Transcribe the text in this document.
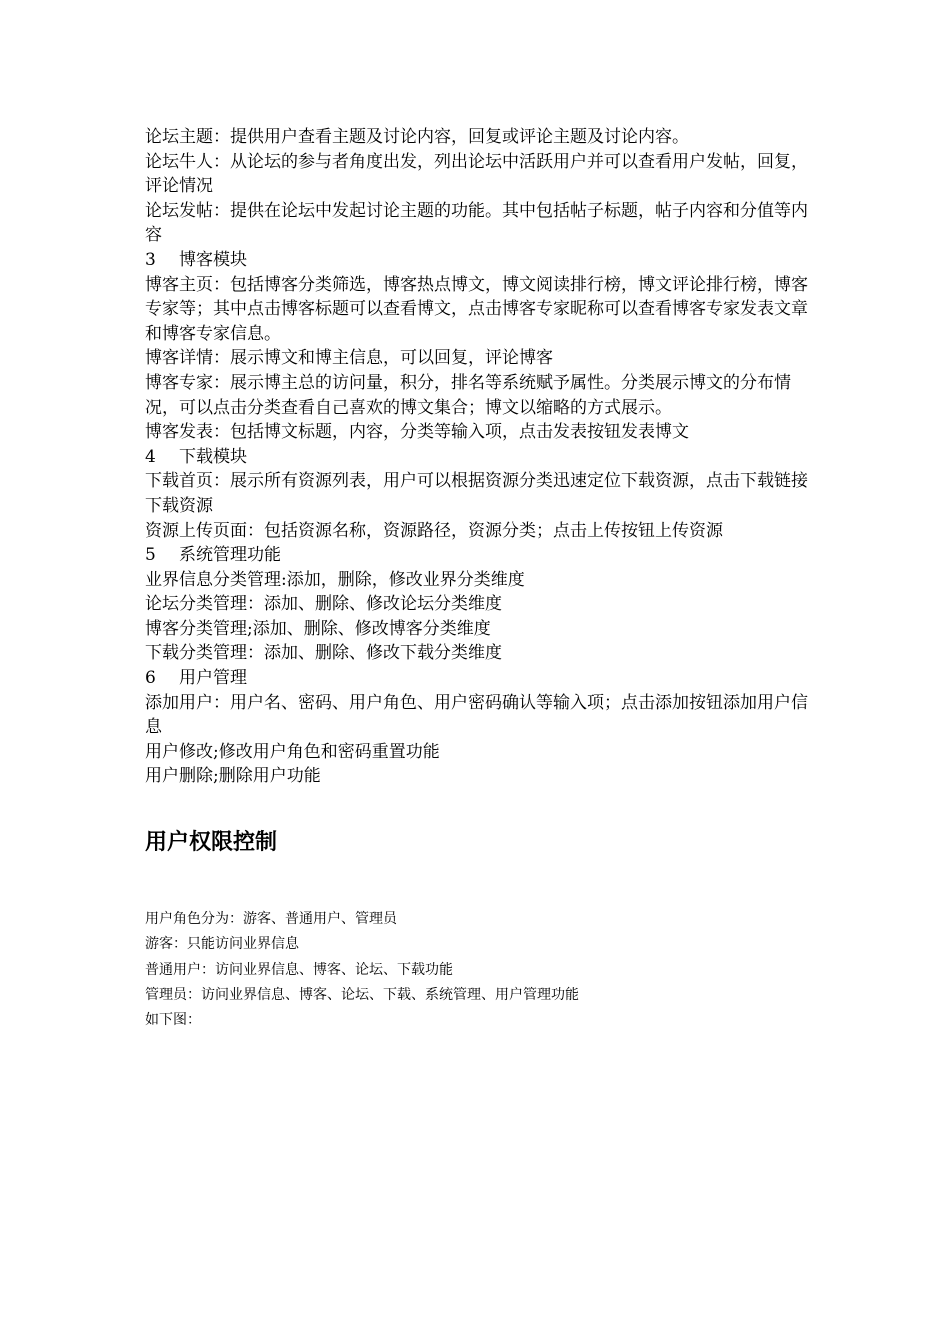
论坛主题：提供用户查看主题及讨论内容，回复或评论主题及讨论内容。

论坛牛人：从论坛的参与者角度出发，列出论坛中活跃用户并可以查看用户发帖，回复，评论情况

论坛发帖：提供在论坛中发起讨论主题的功能。其中包括帖子标题，帖子内容和分值等内容

3	博客模块

博客主页：包括博客分类筛选，博客热点博文，博文阅读排行榜，博文评论排行榜，博客专家等；其中点击博客标题可以查看博文，点击博客专家昵称可以查看博客专家发表文章和博客专家信息。

博客详情：展示博文和博主信息，可以回复，评论博客

博客专家：展示博主总的访问量，积分，排名等系统赋予属性。分类展示博文的分布情况，可以点击分类查看自己喜欢的博文集合；博文以缩略的方式展示。

博客发表：包括博文标题，内容，分类等输入项，点击发表按钮发表博文

4	下载模块

下载首页：展示所有资源列表，用户可以根据资源分类迅速定位下载资源，点击下载链接下载资源

资源上传页面：包括资源名称，资源路径，资源分类；点击上传按钮上传资源

5	系统管理功能

业界信息分类管理:添加，删除，修改业界分类维度

论坛分类管理：添加、删除、修改论坛分类维度

博客分类管理;添加、删除、修改博客分类维度

下载分类管理：添加、删除、修改下载分类维度

6	用户管理

添加用户：用户名、密码、用户角色、用户密码确认等输入项；点击添加按钮添加用户信息

用户修改;修改用户角色和密码重置功能

用户删除;删除用户功能

用户权限控制

用户角色分为：游客、普通用户、管理员

游客：只能访问业界信息

普通用户：访问业界信息、博客、论坛、下载功能

管理员：访问业界信息、博客、论坛、下载、系统管理、用户管理功能

如下图：
